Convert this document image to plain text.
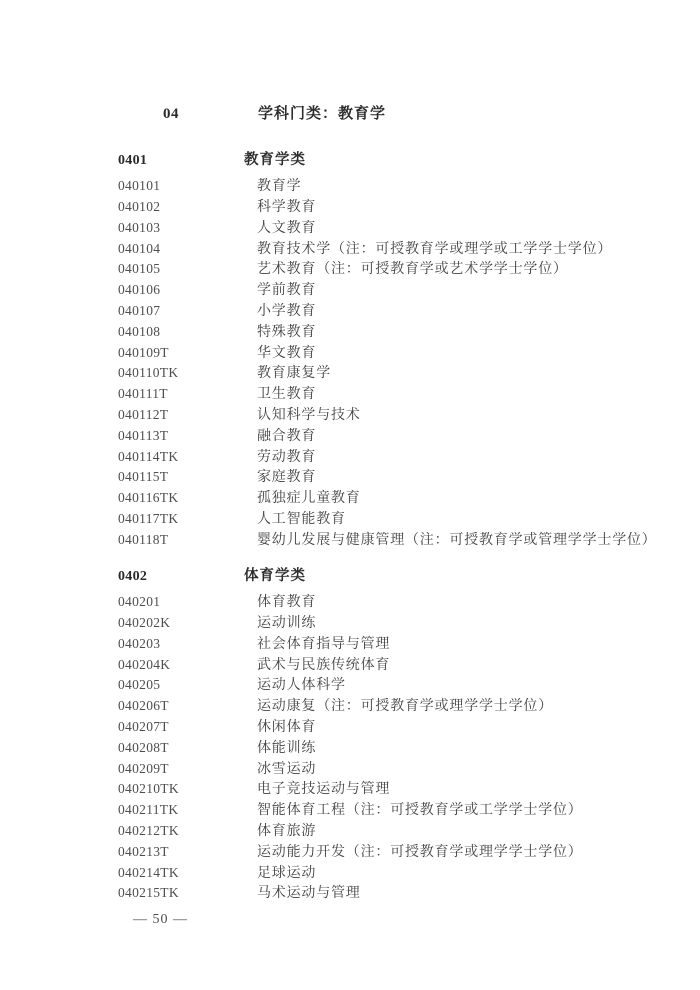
04	学科门类：教育学
0401	教育学类
040101	教育学
040102	科学教育
040103	人文教育
040104	教育技术学（注：可授教育学或理学或工学学士学位）
040105	艺术教育（注：可授教育学或艺术学学士学位）
040106	学前教育
040107	小学教育
040108	特殊教育
040109T	华文教育
040110TK	教育康复学
040111T	卫生教育
040112T	认知科学与技术
040113T	融合教育
040114TK	劳动教育
040115T	家庭教育
040116TK	孤独症儿童教育
040117TK	人工智能教育
040118T	婴幼儿发展与健康管理（注：可授教育学或管理学学士学位）
0402	体育学类
040201	体育教育
040202K	运动训练
040203	社会体育指导与管理
040204K	武术与民族传统体育
040205	运动人体科学
040206T	运动康复（注：可授教育学或理学学士学位）
040207T	休闲体育
040208T	体能训练
040209T	冰雪运动
040210TK	电子竞技运动与管理
040211TK	智能体育工程（注：可授教育学或工学学士学位）
040212TK	体育旅游
040213T	运动能力开发（注：可授教育学或理学学士学位）
040214TK	足球运动
040215TK	马术运动与管理
— 50 —
